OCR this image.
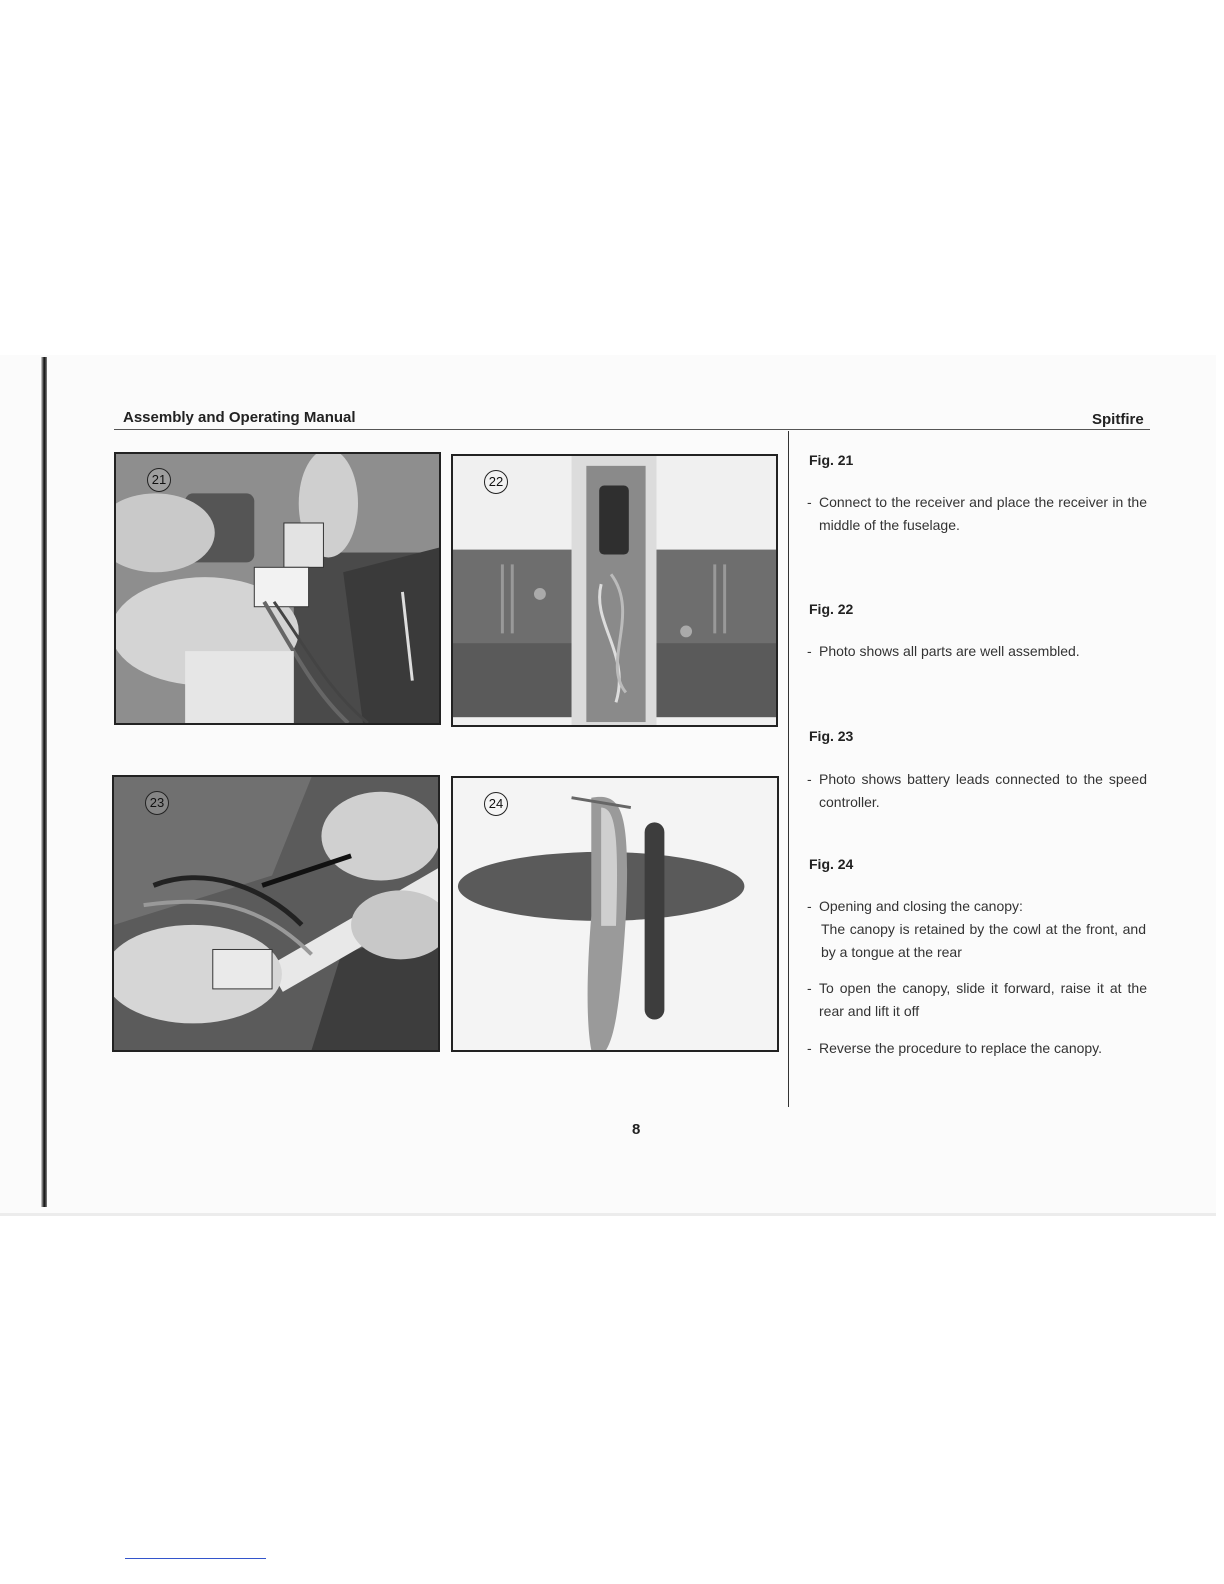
Assembly and Operating Manual	Spitfire
21	22
23	24
Fig. 21
- Connect to the receiver and place the receiver in the middle of the fuselage.
Fig. 22
- Photo shows all parts are well assembled.
Fig. 23
- Photo shows battery leads connected to the speed controller.
Fig. 24
- Opening and closing the canopy:
The canopy is retained by the cowl at the front, and by a tongue at the rear
- To open the canopy, slide it forward, raise it at the rear and lift it off
- Reverse the procedure to replace the canopy.
8
